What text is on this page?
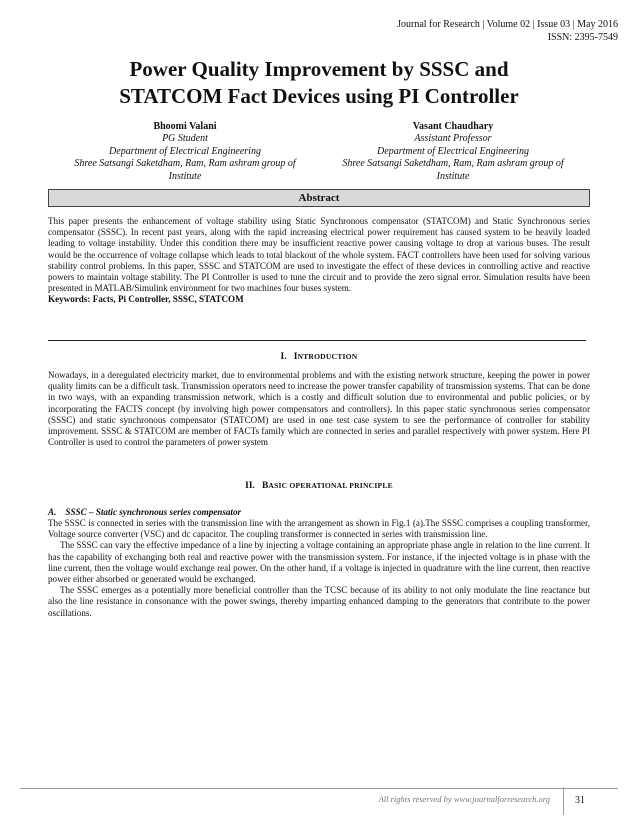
Journal for Research | Volume 02 | Issue 03 | May 2016
ISSN: 2395-7549
Power Quality Improvement by SSSC and
STATCOM Fact Devices using PI Controller
Bhoomi Valani
PG Student
Department of Electrical Engineering
Shree Satsangi Saketdham, Ram, Ram ashram group of
Institute
Vasant Chaudhary
Assistant Professor
Department of Electrical Engineering
Shree Satsangi Saketdham, Ram, Ram ashram group of
Institute
Abstract
This paper presents the enhancement of voltage stability using Static Synchronous compensator (STATCOM) and Static Synchronous series compensator (SSSC). In recent past years, along with the rapid increasing electrical power requirement has caused system to be heavily loaded leading to voltage instability. Under this condition there may be insufficient reactive power causing voltage to drop at various buses. The result would be the occurrence of voltage collapse which leads to total blackout of the whole system. FACT controllers have been used for solving various stability control problems. In this paper, SSSC and STATCOM are used to investigate the effect of these devices in controlling active and reactive powers to maintain voltage stability. The PI Controller is used to tune the circuit and to provide the zero signal error. Simulation results have been presented in MATLAB/Simulink environment for two machines four buses system.
Keywords: Facts, Pi Controller, SSSC, STATCOM
I. INTRODUCTION
Nowadays, in a deregulated electricity market, due to environmental problems and with the existing network structure, keeping the power in power quality limits can be a difficult task. Transmission operators need to increase the power transfer capability of transmission systems. That can be done in two ways, with an expanding transmission network, which is a costly and difficult solution due to environmental and public policies, or by incorporating the FACTS concept (by involving high power compensators and controllers). In this paper static synchronous series compensator (SSSC) and static synchronous compensator (STATCOM) are used in one test case system to see the performance of controller for stability improvement. SSSC & STATCOM are member of FACTs family which are connected in series and parallel respectively with power system. Here PI Controller is used to control the parameters of power system
II. BASIC OPERATIONAL PRINCIPLE
A.    SSSC – Static synchronous series compensator
The SSSC is connected in series with the transmission line with the arrangement as shown in Fig.1 (a).The SSSC comprises a coupling transformer, Voltage source converter (VSC) and dc capacitor. The coupling transformer is connected in series with transmission line.
The SSSC can vary the effective impedance of a line by injecting a voltage containing an appropriate phase angle in relation to the line current. It has the capability of exchanging both real and reactive power with the transmission system. For instance, if the injected voltage is in phase with the line current, then the voltage would exchange real power. On the other hand, if a voltage is injected in quadrature with the line current, then reactive power either absorbed or generated would be exchanged.
The SSSC emerges as a potentially more beneficial controller than the TCSC because of its ability to not only modulate the line reactance but also the line resistance in consonance with the power swings, thereby imparting enhanced damping to the generators that contribute to the power oscillations.
All rights reserved by www.journalforresearch.org	31
